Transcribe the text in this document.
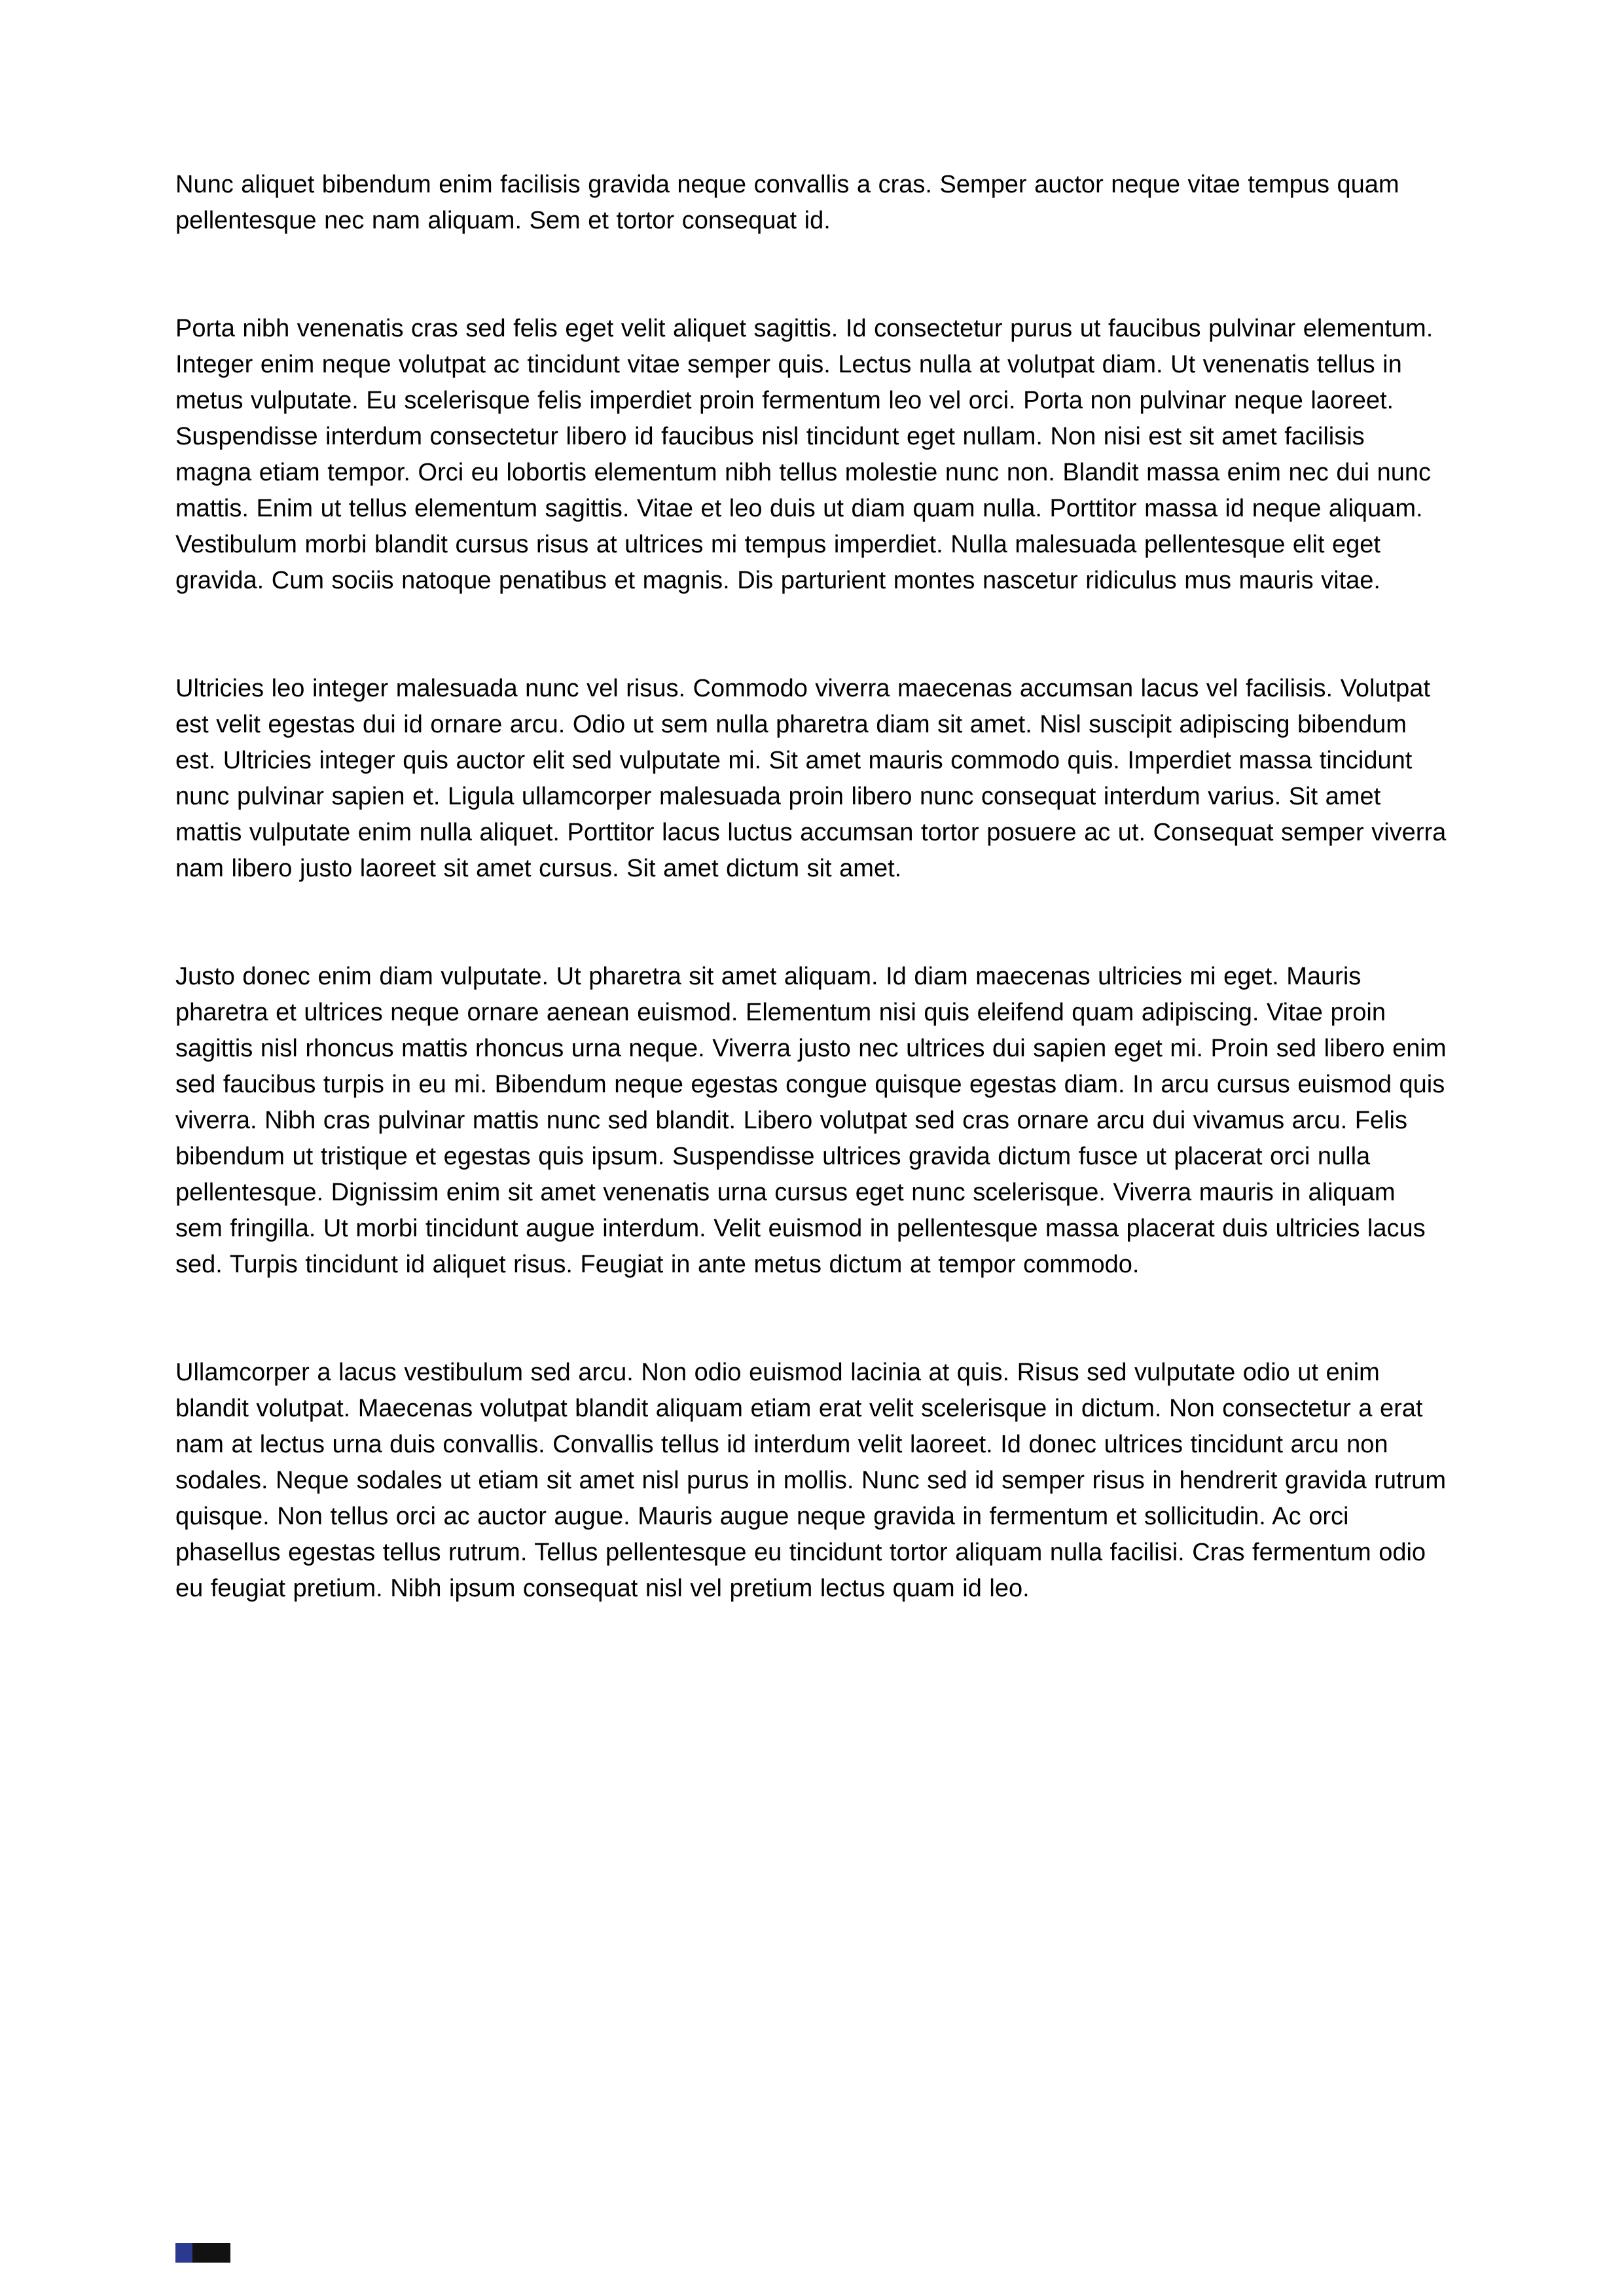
Nunc aliquet bibendum enim facilisis gravida neque convallis a cras. Semper auctor neque vitae tempus quam pellentesque nec nam aliquam. Sem et tortor consequat id.

Porta nibh venenatis cras sed felis eget velit aliquet sagittis. Id consectetur purus ut faucibus pulvinar elementum. Integer enim neque volutpat ac tincidunt vitae semper quis. Lectus nulla at volutpat diam. Ut venenatis tellus in metus vulputate. Eu scelerisque felis imperdiet proin fermentum leo vel orci. Porta non pulvinar neque laoreet. Suspendisse interdum consectetur libero id faucibus nisl tincidunt eget nullam. Non nisi est sit amet facilisis magna etiam tempor. Orci eu lobortis elementum nibh tellus molestie nunc non. Blandit massa enim nec dui nunc mattis. Enim ut tellus elementum sagittis. Vitae et leo duis ut diam quam nulla. Porttitor massa id neque aliquam. Vestibulum morbi blandit cursus risus at ultrices mi tempus imperdiet. Nulla malesuada pellentesque elit eget gravida. Cum sociis natoque penatibus et magnis. Dis parturient montes nascetur ridiculus mus mauris vitae.

Ultricies leo integer malesuada nunc vel risus. Commodo viverra maecenas accumsan lacus vel facilisis. Volutpat est velit egestas dui id ornare arcu. Odio ut sem nulla pharetra diam sit amet. Nisl suscipit adipiscing bibendum est. Ultricies integer quis auctor elit sed vulputate mi. Sit amet mauris commodo quis. Imperdiet massa tincidunt nunc pulvinar sapien et. Ligula ullamcorper malesuada proin libero nunc consequat interdum varius. Sit amet mattis vulputate enim nulla aliquet. Porttitor lacus luctus accumsan tortor posuere ac ut. Consequat semper viverra nam libero justo laoreet sit amet cursus. Sit amet dictum sit amet.

Justo donec enim diam vulputate. Ut pharetra sit amet aliquam. Id diam maecenas ultricies mi eget. Mauris pharetra et ultrices neque ornare aenean euismod. Elementum nisi quis eleifend quam adipiscing. Vitae proin sagittis nisl rhoncus mattis rhoncus urna neque. Viverra justo nec ultrices dui sapien eget mi. Proin sed libero enim sed faucibus turpis in eu mi. Bibendum neque egestas congue quisque egestas diam. In arcu cursus euismod quis viverra. Nibh cras pulvinar mattis nunc sed blandit. Libero volutpat sed cras ornare arcu dui vivamus arcu. Felis bibendum ut tristique et egestas quis ipsum. Suspendisse ultrices gravida dictum fusce ut placerat orci nulla pellentesque. Dignissim enim sit amet venenatis urna cursus eget nunc scelerisque. Viverra mauris in aliquam sem fringilla. Ut morbi tincidunt augue interdum. Velit euismod in pellentesque massa placerat duis ultricies lacus sed. Turpis tincidunt id aliquet risus. Feugiat in ante metus dictum at tempor commodo.

Ullamcorper a lacus vestibulum sed arcu. Non odio euismod lacinia at quis. Risus sed vulputate odio ut enim blandit volutpat. Maecenas volutpat blandit aliquam etiam erat velit scelerisque in dictum. Non consectetur a erat nam at lectus urna duis convallis. Convallis tellus id interdum velit laoreet. Id donec ultrices tincidunt arcu non sodales. Neque sodales ut etiam sit amet nisl purus in mollis. Nunc sed id semper risus in hendrerit gravida rutrum quisque. Non tellus orci ac auctor augue. Mauris augue neque gravida in fermentum et sollicitudin. Ac orci phasellus egestas tellus rutrum. Tellus pellentesque eu tincidunt tortor aliquam nulla facilisi. Cras fermentum odio eu feugiat pretium. Nibh ipsum consequat nisl vel pretium lectus quam id leo.
